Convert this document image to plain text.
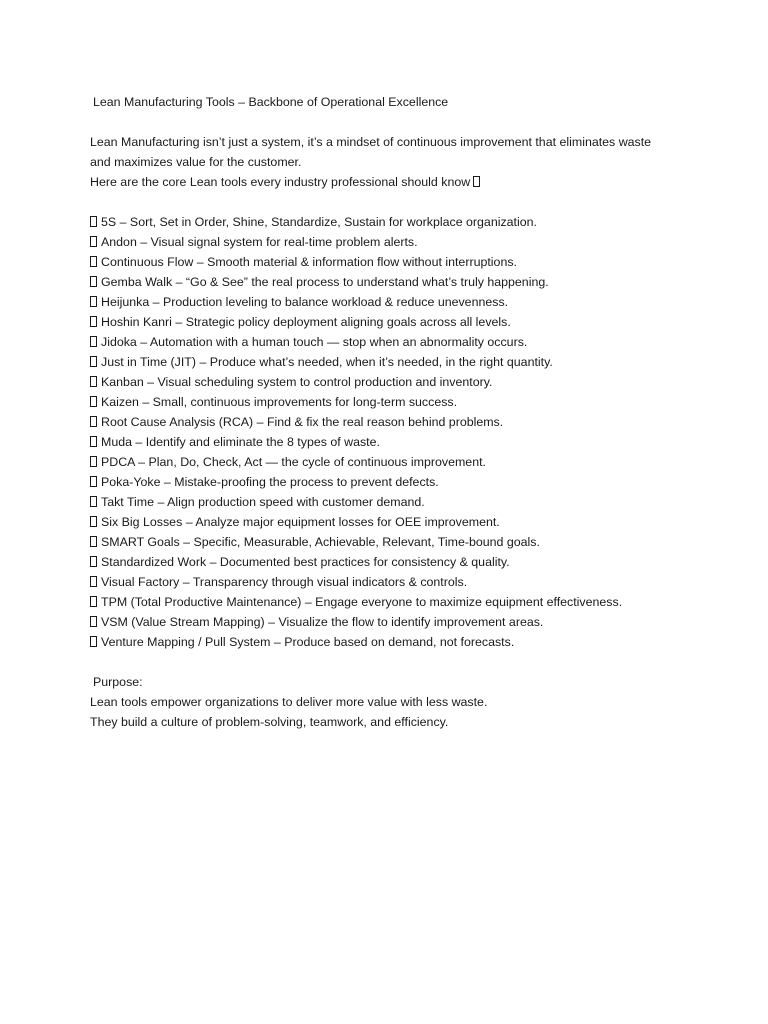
Lean Manufacturing Tools – Backbone of Operational Excellence
Lean Manufacturing isn’t just a system, it’s a mindset of continuous improvement that eliminates waste
and maximizes value for the customer.
Here are the core Lean tools every industry professional should know
5S – Sort, Set in Order, Shine, Standardize, Sustain for workplace organization.
Andon – Visual signal system for real-time problem alerts.
Continuous Flow – Smooth material & information flow without interruptions.
Gemba Walk – “Go & See” the real process to understand what’s truly happening.
Heijunka – Production leveling to balance workload & reduce unevenness.
Hoshin Kanri – Strategic policy deployment aligning goals across all levels.
Jidoka – Automation with a human touch — stop when an abnormality occurs.
Just in Time (JIT) – Produce what’s needed, when it’s needed, in the right quantity.
Kanban – Visual scheduling system to control production and inventory.
Kaizen – Small, continuous improvements for long-term success.
Root Cause Analysis (RCA) – Find & fix the real reason behind problems.
Muda – Identify and eliminate the 8 types of waste.
PDCA – Plan, Do, Check, Act — the cycle of continuous improvement.
Poka-Yoke – Mistake-proofing the process to prevent defects.
Takt Time – Align production speed with customer demand.
Six Big Losses – Analyze major equipment losses for OEE improvement.
SMART Goals – Specific, Measurable, Achievable, Relevant, Time-bound goals.
Standardized Work – Documented best practices for consistency & quality.
Visual Factory – Transparency through visual indicators & controls.
TPM (Total Productive Maintenance) – Engage everyone to maximize equipment effectiveness.
VSM (Value Stream Mapping) – Visualize the flow to identify improvement areas.
Venture Mapping / Pull System – Produce based on demand, not forecasts.
Purpose:
Lean tools empower organizations to deliver more value with less waste.
They build a culture of problem-solving, teamwork, and efficiency.
